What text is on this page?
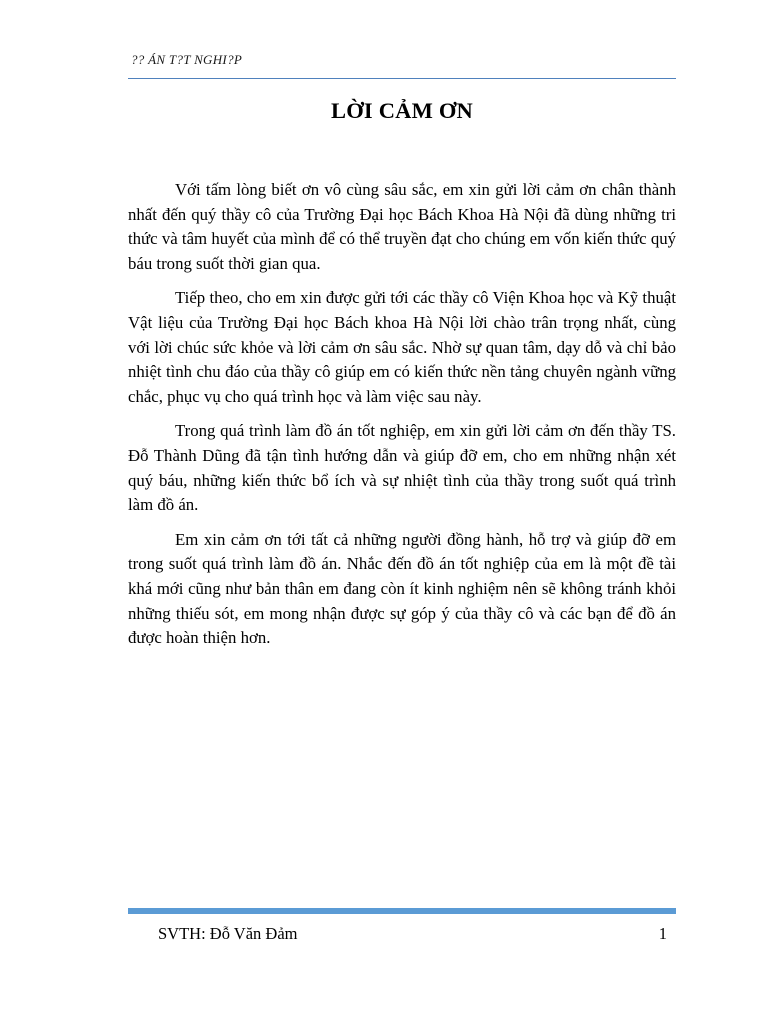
?? ÁN T?T NGHI?P
LỜI CẢM ƠN

Với tấm lòng biết ơn vô cùng sâu sắc, em xin gửi lời cảm ơn chân thành nhất đến quý thầy cô của Trường Đại học Bách Khoa Hà Nội đã dùng những tri thức và tâm huyết của mình để có thể truyền đạt cho chúng em vốn kiến thức quý báu trong suốt thời gian qua.

Tiếp theo, cho em xin được gửi tới các thầy cô Viện Khoa học và Kỹ thuật Vật liệu của Trường Đại học Bách khoa Hà Nội lời chào trân trọng nhất, cùng với lời chúc sức khỏe và lời cảm ơn sâu sắc. Nhờ sự quan tâm, dạy dỗ và chỉ bảo nhiệt tình chu đáo của thầy cô giúp em có kiến thức nền tảng chuyên ngành vững chắc, phục vụ cho quá trình học và làm việc sau này.

Trong quá trình làm đồ án tốt nghiệp, em xin gửi lời cảm ơn đến thầy TS. Đỗ Thành Dũng đã tận tình hướng dẫn và giúp đỡ em, cho em những nhận xét quý báu, những kiến thức bổ ích và sự nhiệt tình của thầy trong suốt quá trình làm đồ án.

Em xin cảm ơn tới tất cả những người đồng hành, hỗ trợ và giúp đỡ em trong suốt quá trình làm đồ án. Nhắc đến đồ án tốt nghiệp của em là một đề tài khá mới cũng như bản thân em đang còn ít kinh nghiệm nên sẽ không tránh khỏi những thiếu sót, em mong nhận được sự góp ý của thầy cô và các bạn để đồ án được hoàn thiện hơn.

SVTH: Đỗ Văn Đảm	1
